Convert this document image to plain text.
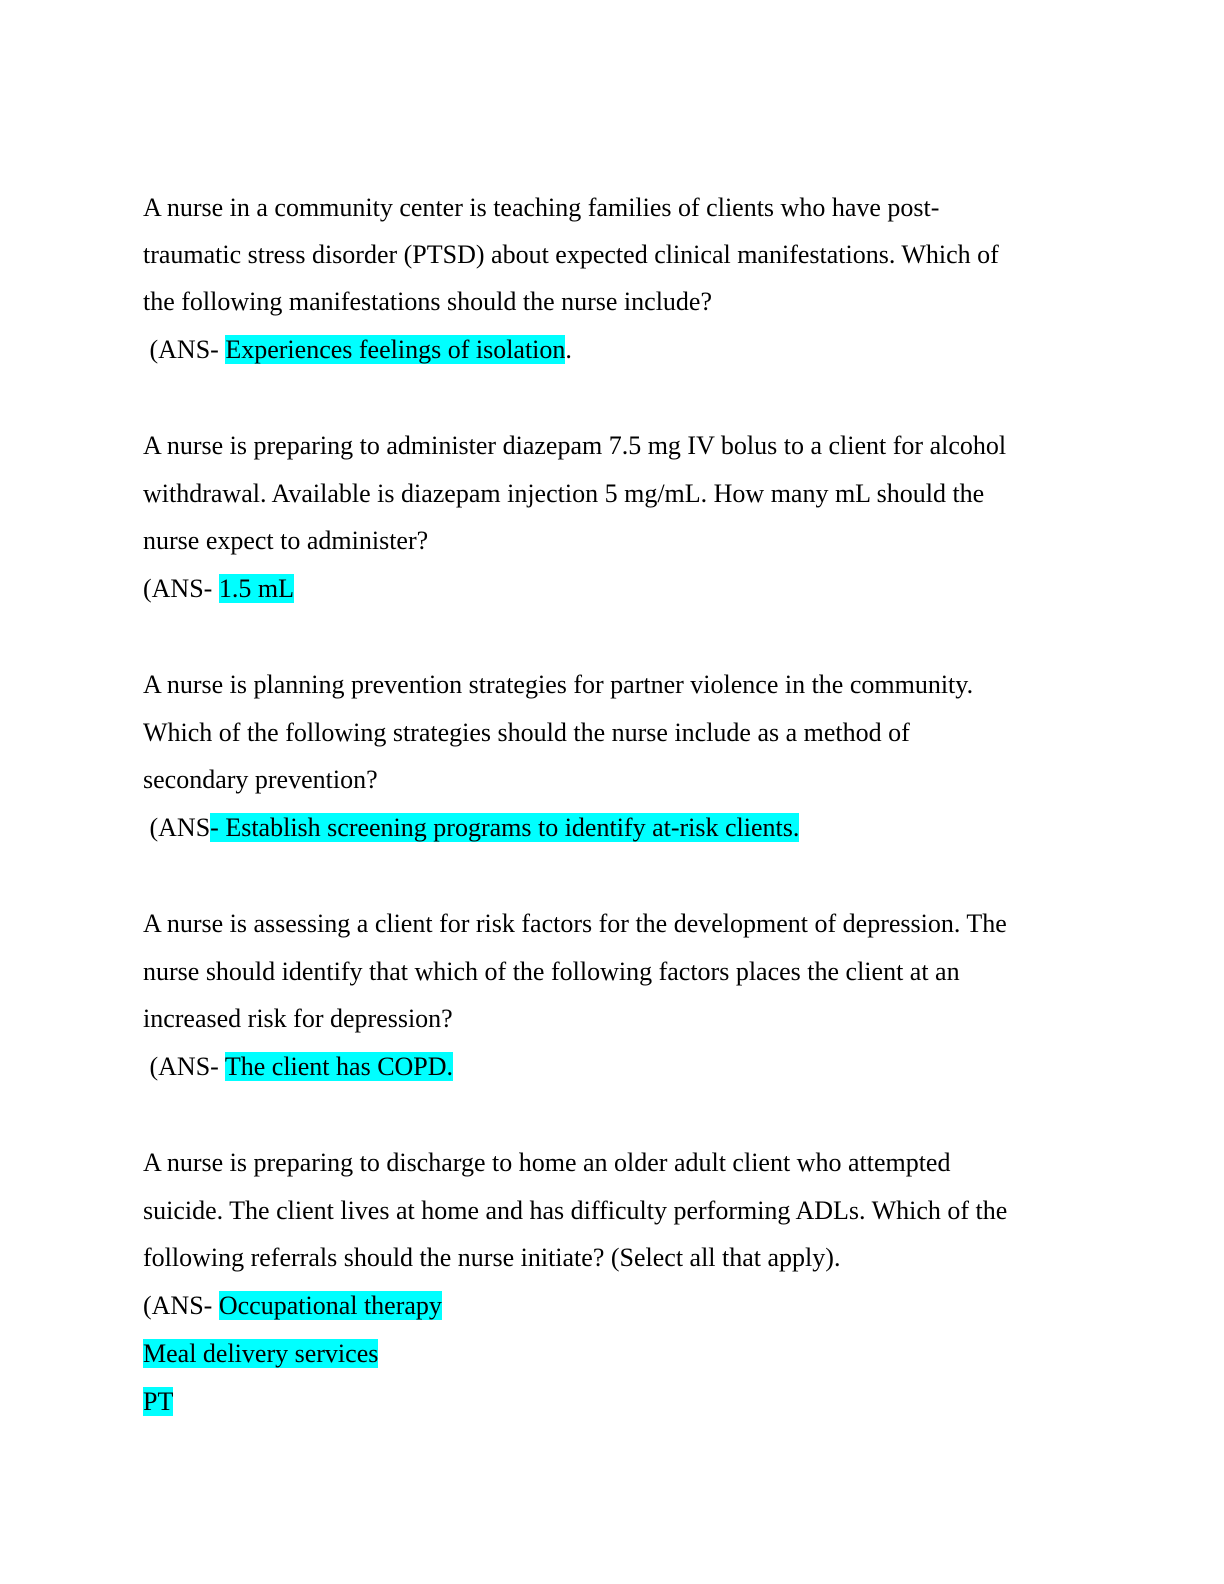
A nurse in a community center is teaching families of clients who have post-

traumatic stress disorder (PTSD) about expected clinical manifestations. Which of

the following manifestations should the nurse include?

(ANS- Experiences feelings of isolation.

A nurse is preparing to administer diazepam 7.5 mg IV bolus to a client for alcohol

withdrawal. Available is diazepam injection 5 mg/mL. How many mL should the

nurse expect to administer?

(ANS- 1.5 mL

A nurse is planning prevention strategies for partner violence in the community.

Which of the following strategies should the nurse include as a method of

secondary prevention?

(ANS- Establish screening programs to identify at-risk clients.

A nurse is assessing a client for risk factors for the development of depression. The

nurse should identify that which of the following factors places the client at an

increased risk for depression?

(ANS- The client has COPD.

A nurse is preparing to discharge to home an older adult client who attempted

suicide. The client lives at home and has difficulty performing ADLs. Which of the

following referrals should the nurse initiate? (Select all that apply).

(ANS- Occupational therapy

Meal delivery services

PT
